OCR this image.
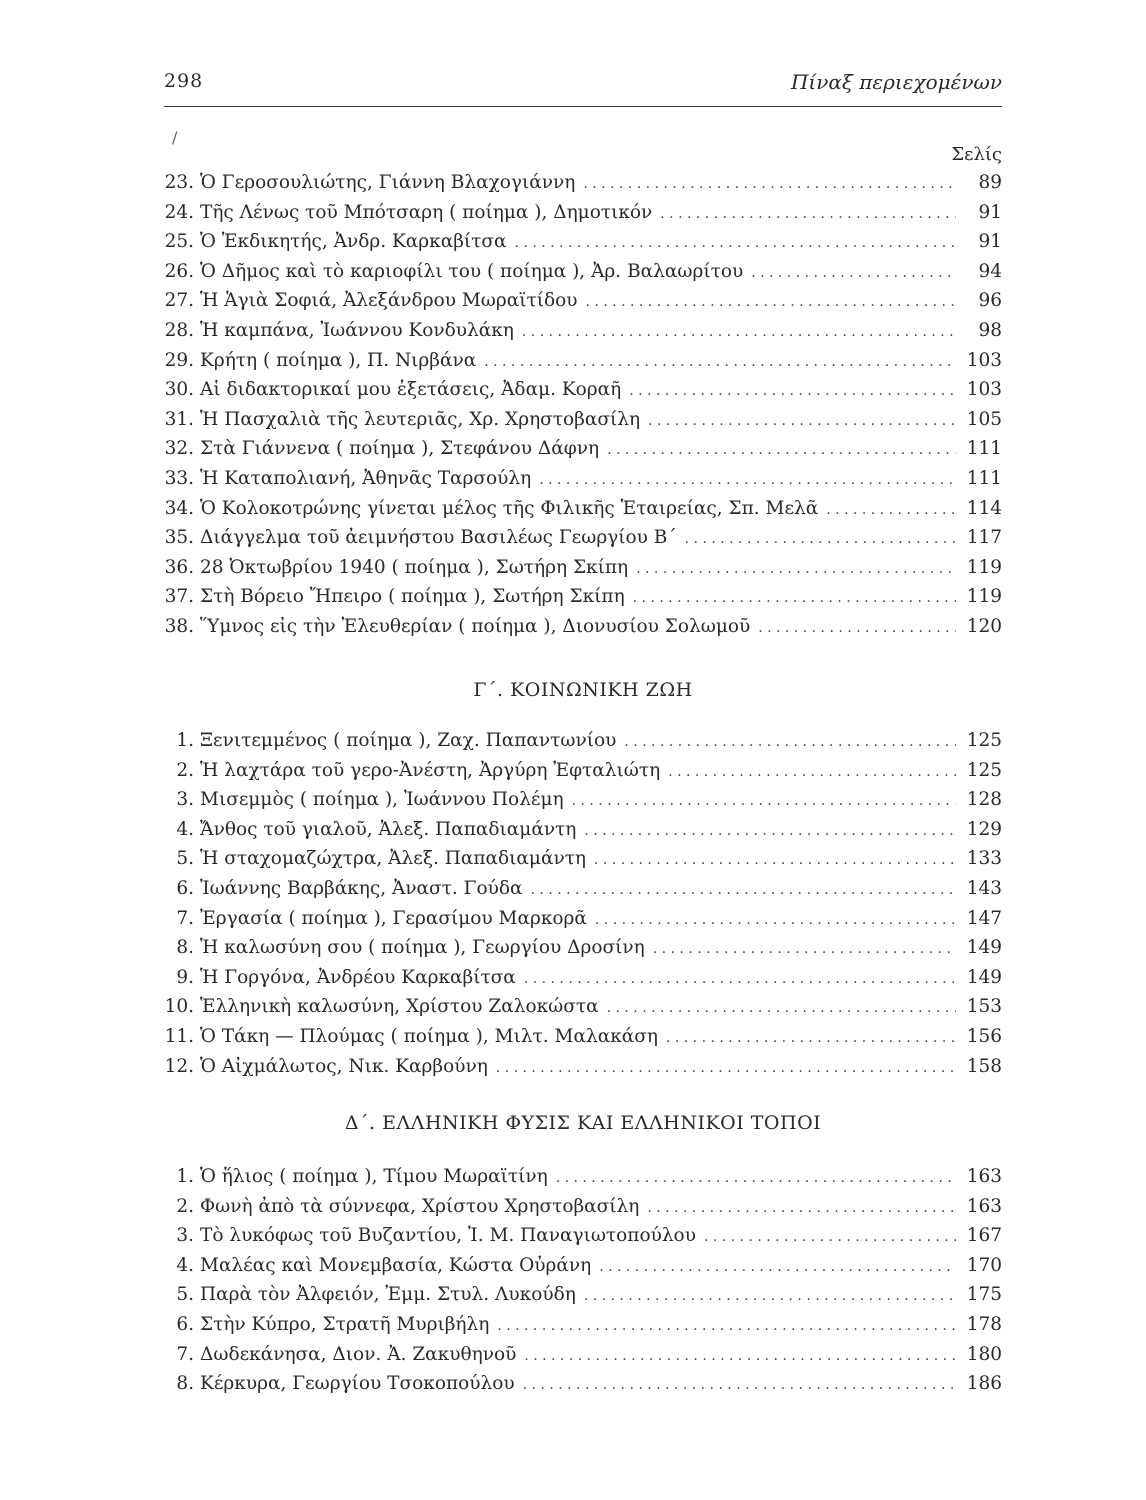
298	Πίναξ περιεχομένων
/
Σελίς
23. Ὁ Γεροσουλιώτης, Γιάννη Βλαχογιάννη . . .	89
24. Τῆς Λένως τοῦ Μπότσαρη ( ποίημα ), Δημοτικόν . . .	91
25. Ὁ Ἐκδικητής, Ἀνδρ. Καρκαβίτσα . . .	91
26. Ὁ Δῆμος καὶ τὸ καριοφίλι του ( ποίημα ), Ἀρ. Βαλαωρίτου . . .	94
27. Ἡ Ἁγιὰ Σοφιά, Ἀλεξάνδρου Μωραϊτίδου . . .	96
28. Ἡ καμπάνα, Ἰωάννου Κονδυλάκη . . .	98
29. Κρήτη ( ποίημα ), Π. Νιρβάνα . . .	103
30. Αἱ διδακτορικαί μου ἐξετάσεις, Ἀδαμ. Κοραῆ . . .	103
31. Ἡ Πασχαλιὰ τῆς λευτεριᾶς, Χρ. Χρηστοβασίλη . . .	105
32. Στὰ Γιάννενα ( ποίημα ), Στεφάνου Δάφνη . . .	111
33. Ἡ Καταπολιανή, Ἀθηνᾶς Ταρσούλη . . .	111
34. Ὁ Κολοκοτρώνης γίνεται μέλος τῆς Φιλικῆς Ἑταιρείας, Σπ. Μελᾶ . . .	114
35. Διάγγελμα τοῦ ἀειμνήστου Βασιλέως Γεωργίου Β΄ . . .	117
36. 28 Ὀκτωβρίου 1940 ( ποίημα ), Σωτήρη Σκίπη . . .	119
37. Στὴ Βόρειο Ἤπειρο ( ποίημα ), Σωτήρη Σκίπη . . .	119
38. Ὕμνος εἰς τὴν Ἐλευθερίαν ( ποίημα ), Διονυσίου Σολωμοῦ . . .	120
Γ΄. ΚΟΙΝΩΝΙΚΗ ΖΩΗ
1. Ξενιτεμμένος ( ποίημα ), Ζαχ. Παπαντωνίου . . .	125
2. Ἡ λαχτάρα τοῦ γερο-Ἀνέστη, Ἀργύρη Ἐφταλιώτη . . .	125
3. Μισεμμὸς ( ποίημα ), Ἰωάννου Πολέμη . . .	128
4. Ἄνθος τοῦ γιαλοῦ, Ἀλεξ. Παπαδιαμάντη . . .	129
5. Ἡ σταχομαζώχτρα, Ἀλεξ. Παπαδιαμάντη . . .	133
6. Ἰωάννης Βαρβάκης, Ἀναστ. Γούδα . . .	143
7. Ἐργασία ( ποίημα ), Γερασίμου Μαρκορᾶ . . .	147
8. Ἡ καλωσύνη σου ( ποίημα ), Γεωργίου Δροσίνη . . .	149
9. Ἡ Γοργόνα, Ἀνδρέου Καρκαβίτσα . . .	149
10. Ἑλληνικὴ καλωσύνη, Χρίστου Ζαλοκώστα . . .	153
11. Ὁ Τάκη — Πλούμας ( ποίημα ), Μιλτ. Μαλακάση . . .	156
12. Ὁ Αἰχμάλωτος, Νικ. Καρβούνη . . .	158
Δ΄. ΕΛΛΗΝΙΚΗ ΦΥΣΙΣ ΚΑΙ ΕΛΛΗΝΙΚΟΙ ΤΟΠΟΙ
1. Ὁ ἥλιος ( ποίημα ), Τίμου Μωραϊτίνη . . .	163
2. Φωνὴ ἀπὸ τὰ σύννεφα, Χρίστου Χρηστοβασίλη . . .	163
3. Τὸ λυκόφως τοῦ Βυζαντίου, Ἰ. Μ. Παναγιωτοπούλου . . .	167
4. Μαλέας καὶ Μονεμβασία, Κώστα Οὐράνη . . .	170
5. Παρὰ τὸν Ἀλφειόν, Ἐμμ. Στυλ. Λυκούδη . . .	175
6. Στὴν Κύπρο, Στρατῆ Μυριβήλη . . .	178
7. Δωδεκάνησα, Διον. Ἀ. Ζακυθηνοῦ . . .	180
8. Κέρκυρα, Γεωργίου Τσοκοπούλου . . .	186
